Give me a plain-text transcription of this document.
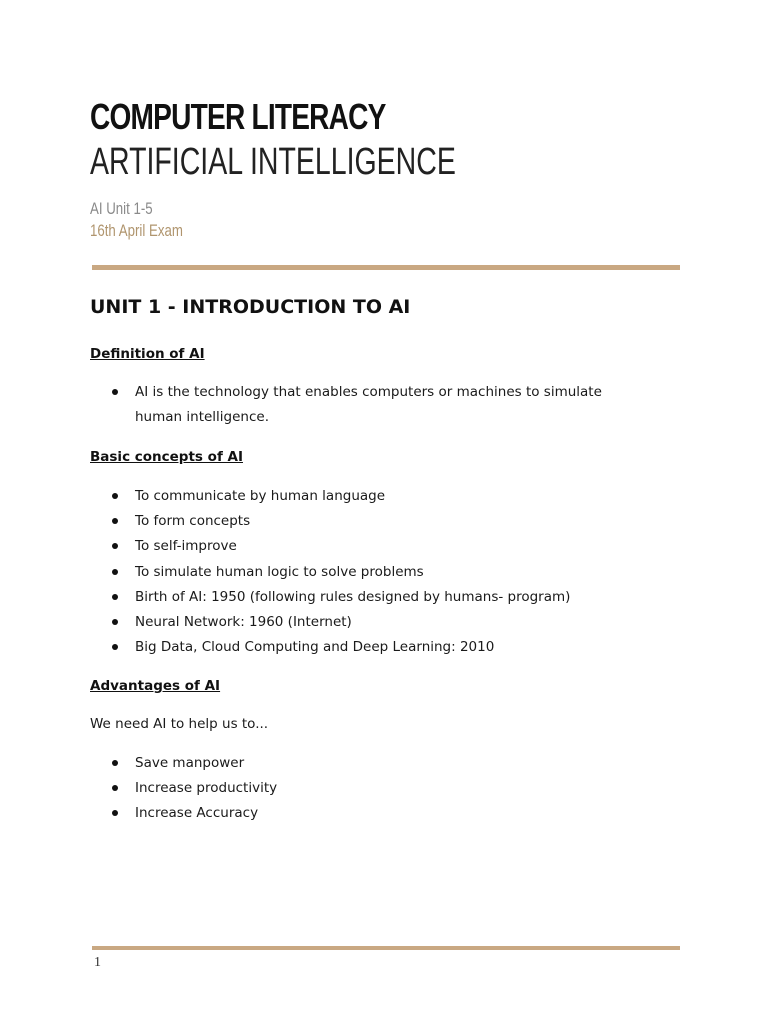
COMPUTER LITERACY
ARTIFICIAL INTELLIGENCE
AI Unit 1-5
16th April Exam
UNIT 1 - INTRODUCTION TO AI
Definition of AI
AI is the technology that enables computers or machines to simulate human intelligence.
Basic concepts of AI
To communicate by human language
To form concepts
To self-improve
To simulate human logic to solve problems
Birth of AI: 1950 (following rules designed by humans- program)
Neural Network: 1960 (Internet)
Big Data, Cloud Computing and Deep Learning: 2010
Advantages of AI
We need AI to help us to...
Save manpower
Increase productivity
Increase Accuracy
1
